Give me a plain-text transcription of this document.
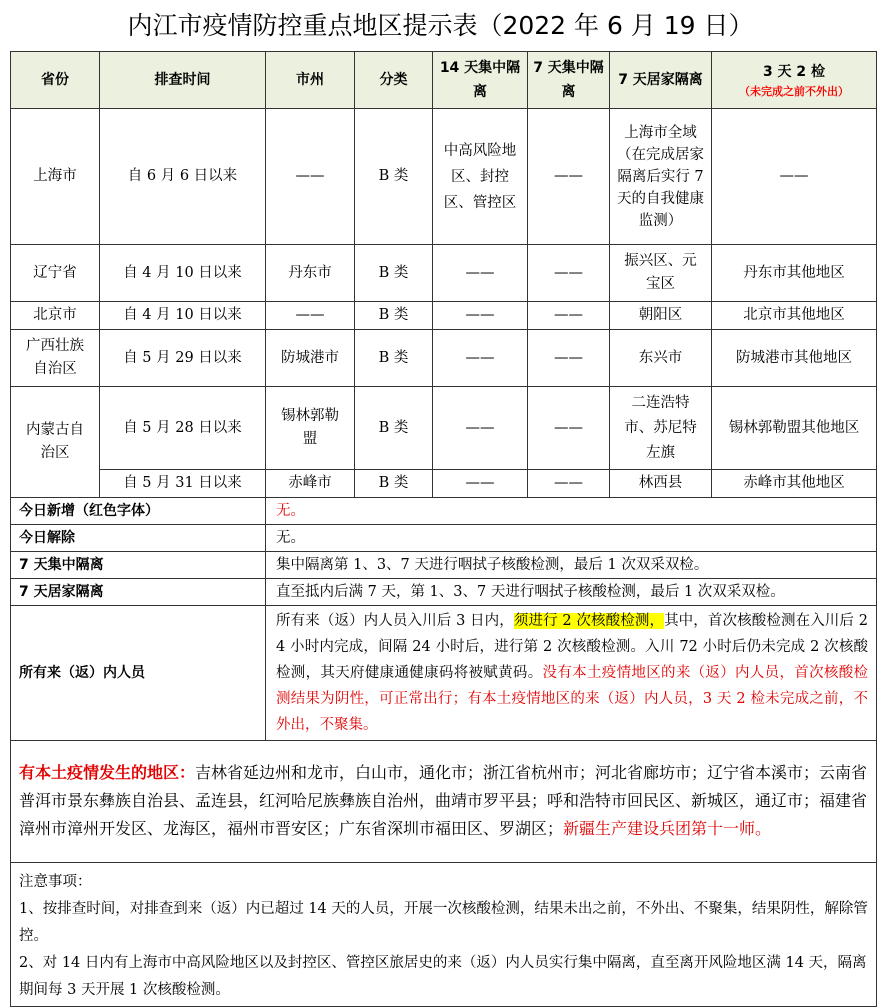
内江市疫情防控重点地区提示表（2022 年 6 月 19 日）
省份	排查时间	市州	分类	14 天集中隔离	7 天集中隔离	7 天居家隔离	3 天 2 检
（未完成之前不外出）

上海市	自 6 月 6 日以来	——	B 类	中高风险地区、封控区、管控区	——	上海市全域（在完成居家隔离后实行 7 天的自我健康监测）	——
辽宁省	自 4 月 10 日以来	丹东市	B 类	——	——	振兴区、元宝区	丹东市其他地区
北京市	自 4 月 10 日以来	——	B 类	——	——	朝阳区	北京市其他地区
广西壮族自治区	自 5 月 29 日以来	防城港市	B 类	——	——	东兴市	防城港市其他地区
内蒙古自治区	自 5 月 28 日以来	锡林郭勒盟	B 类	——	——	二连浩特市、苏尼特左旗	锡林郭勒盟其他地区
	自 5 月 31 日以来	赤峰市	B 类	——	——	林西县	赤峰市其他地区
今日新增（红色字体）		无。					
今日解除		无。					
7 天集中隔离		集中隔离第 1、3、7 天进行咽拭子核酸检测，最后 1 次双采双检。					
7 天居家隔离		直至抵内后满 7 天，第 1、3、7 天进行咽拭子核酸检测，最后 1 次双采双检。					
所有来（返）内人员		所有来（返）内人员入川后 3 日内，须进行 2 次核酸检测，其中，首次核酸检测在入川后 24 小时内完成，间隔 24 小时后，进行第 2 次核酸检测。入川 72 小时后仍未完成 2 次核酸检测，其天府健康通健康码将被赋黄码。没有本土疫情地区的来（返）内人员，首次核酸检测结果为阴性，可正常出行；有本土疫情地区的来（返）内人员，3 天 2 检未完成之前，不外出，不聚集。					
有本土疫情发生的地区：吉林省延边州和龙市，白山市，通化市；浙江省杭州市；河北省廊坊市；辽宁省本溪市；云南省普洱市景东彝族自治县、孟连县，红河哈尼族彝族自治州，曲靖市罗平县；呼和浩特市回民区、新城区，通辽市；福建省漳州市漳州开发区、龙海区，福州市晋安区；广东省深圳市福田区、罗湖区；新疆生产建设兵团第十一师。							

注意事项：
1、按排查时间，对排查到来（返）内已超过 14 天的人员，开展一次核酸检测，结果未出之前，不外出、不聚集，结果阴性，解除管控。
2、对 14 日内有上海市中高风险地区以及封控区、管控区旅居史的来（返）内人员实行集中隔离，直至离开风险地区满 14 天，隔离期间每 3 天开展 1 次核酸检测。							
